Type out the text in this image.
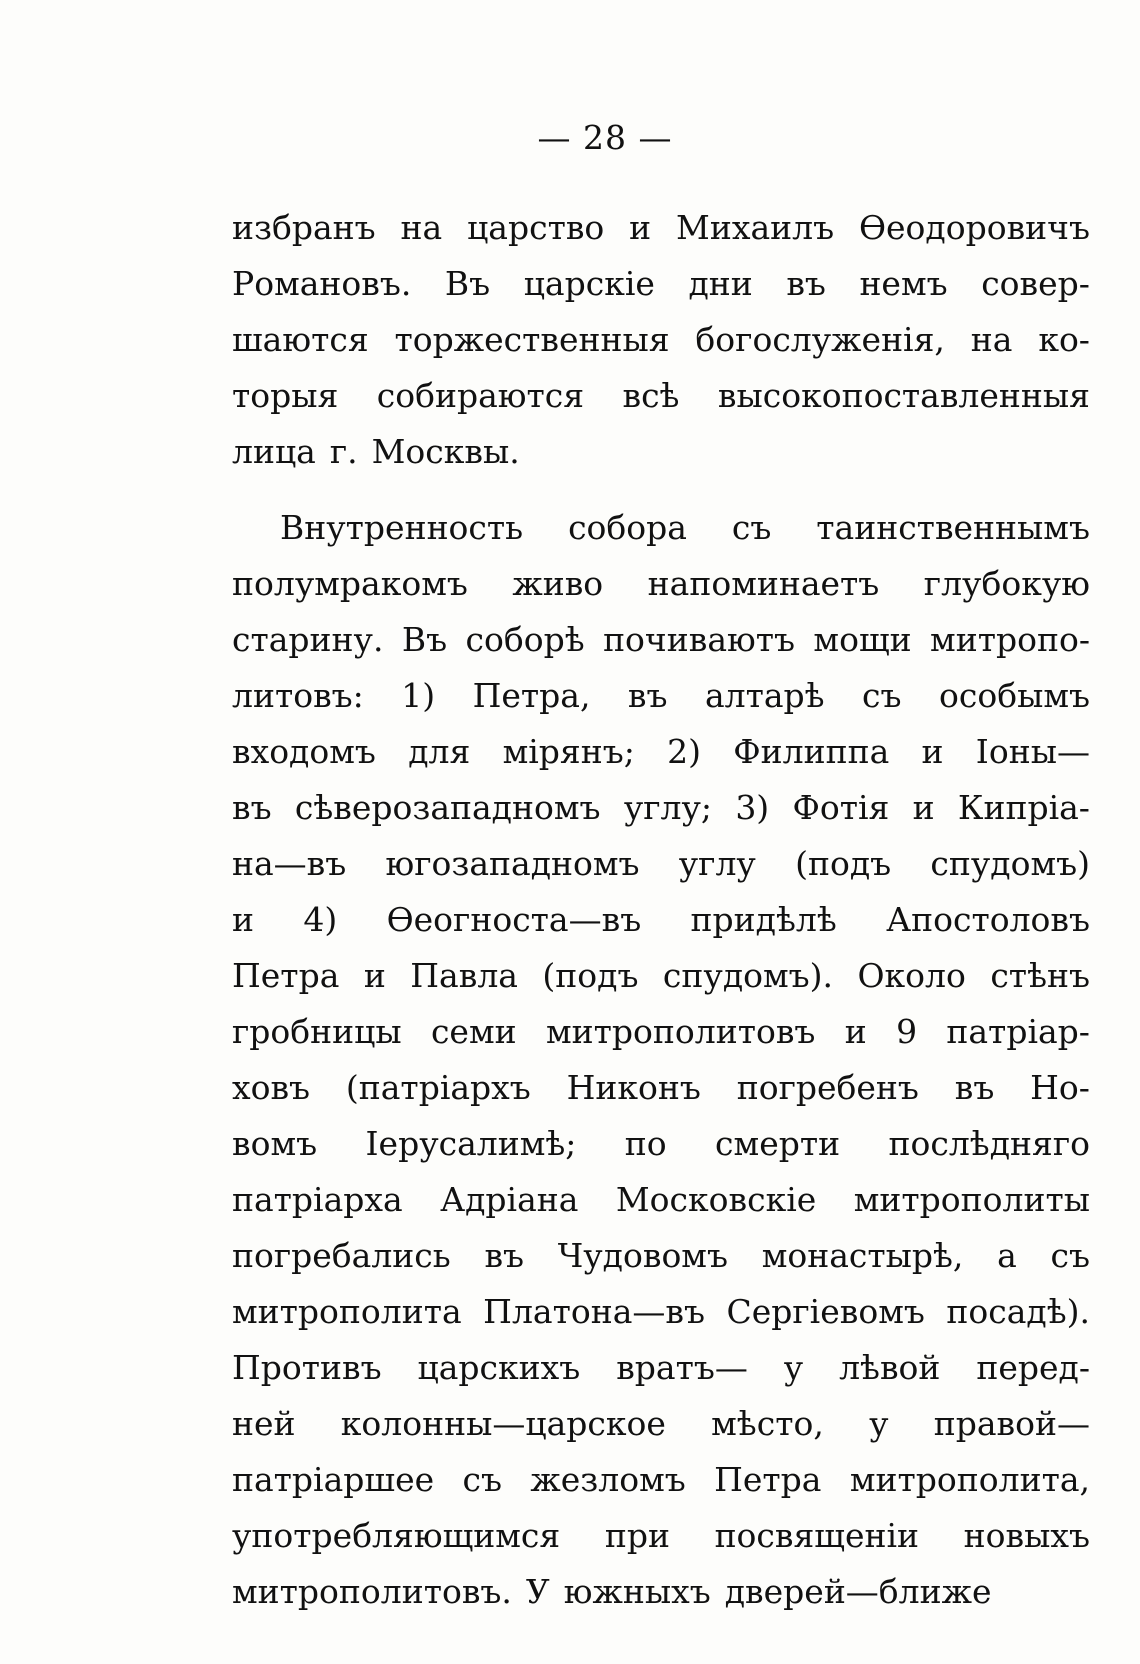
— 28 —
избранъ на царство и Михаилъ Өеодоровичъ
Романовъ. Въ царскіе дни въ немъ совер-
шаются торжественныя богослуженія, на ко-
торыя собираются всѣ высокопоставленныя
лица г. Москвы.
Внутренность собора съ таинственнымъ
полумракомъ живо напоминаетъ глубокую
старину. Въ соборѣ почиваютъ мощи митропо-
литовъ: 1) Петра, въ алтарѣ съ особымъ
входомъ для мірянъ; 2) Филиппа и Іоны—
въ сѣверозападномъ углу; 3) Фотія и Кипріа-
на—въ югозападномъ углу (подъ спудомъ)
и 4) Өеогноста—въ придѣлѣ Апостоловъ
Петра и Павла (подъ спудомъ). Около стѣнъ
гробницы семи митрополитовъ и 9 патріар-
ховъ (патріархъ Никонъ погребенъ въ Но-
вомъ Іерусалимѣ; по смерти послѣдняго
патріарха Адріана Московскіе митрополиты
погребались въ Чудовомъ монастырѣ, а съ
митрополита Платона—въ Сергіевомъ посадѣ).
Противъ царскихъ вратъ— у лѣвой перед-
ней колонны—царское мѣсто, у правой—
патріаршее съ жезломъ Петра митрополита,
употребляющимся при посвященіи новыхъ
митрополитовъ. У южныхъ дверей—ближе
